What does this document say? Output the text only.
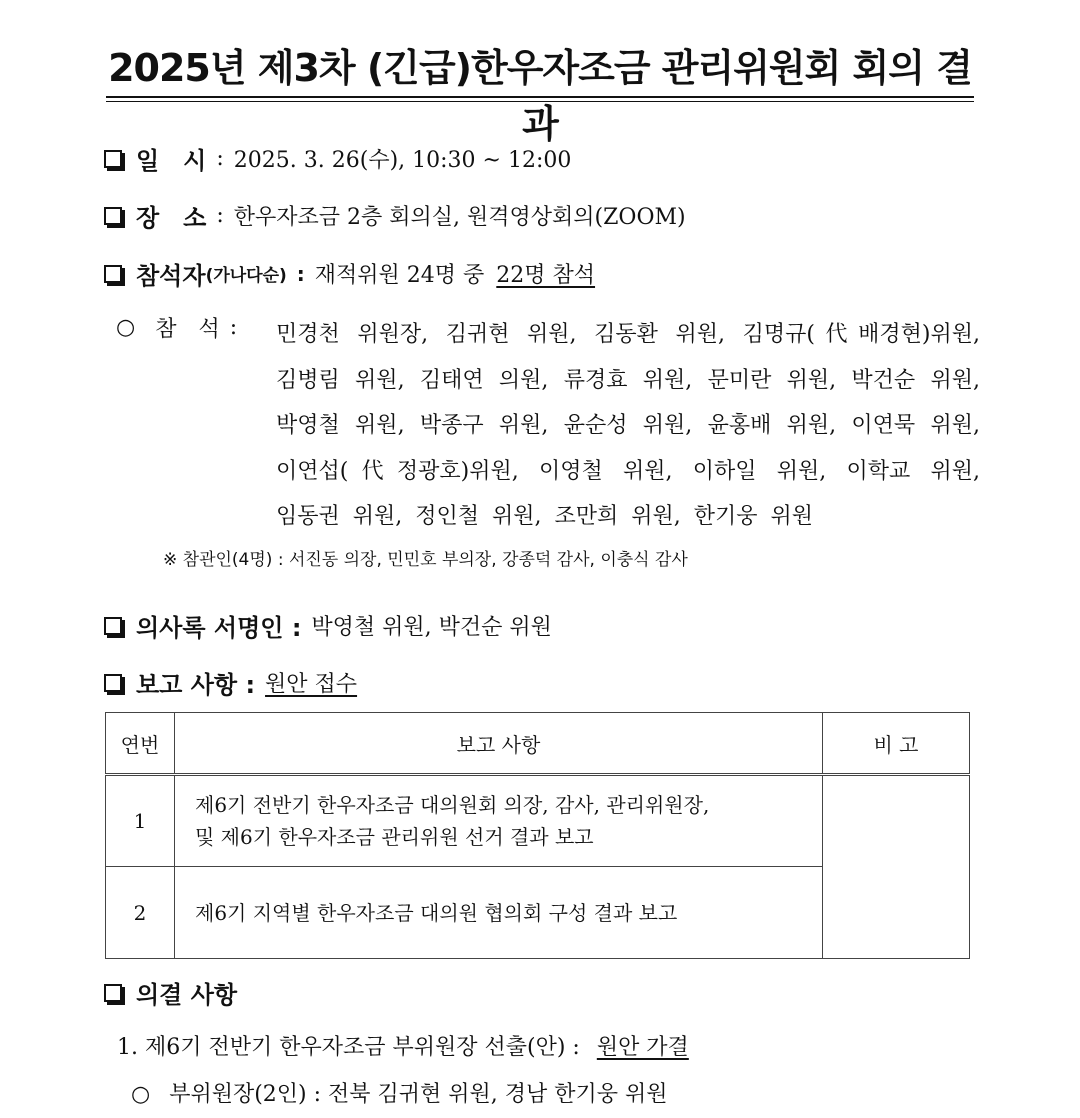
2025년 제3차 (긴급)한우자조금 관리위원회 회의 결과
일　시 : 2025. 3. 26(수), 10:30 ~ 12:00
장　소 : 한우자조금 2층 회의실, 원격영상회의(ZOOM)
참석자 (가나다순) : 재적위원 24명 중 22명 참석
○ 참　석 : 민경천 위원장, 김귀현 위원, 김동환 위원, 김명규(代배경현)위원,
김병림 위원, 김태연 의원, 류경효 위원, 문미란 위원, 박건순 위원,
박영철 위원, 박종구 위원, 윤순성 위원, 윤홍배 위원, 이연묵 위원,
이연섭(代정광호)위원, 이영철 위원, 이하일 위원, 이학교 위원,
임동권 위원, 정인철 위원, 조만희 위원, 한기웅 위원
※ 참관인(4명) : 서진동 의장, 민민호 부의장, 강종덕 감사, 이충식 감사
의사록 서명인 : 박영철 위원, 박건순 위원
보고 사항 : 원안 접수
연번	보고 사항	비 고
1	제6기 전반기 한우자조금 대의원회 의장, 감사, 관리위원장,
및 제6기 한우자조금 관리위원 선거 결과 보고	

2	제6기 지역별 한우자조금 대의원 협의회 구성 결과 보고	
의결 사항
1. 제6기 전반기 한우자조금 부위원장 선출(안) : 원안 가결
○ 부위원장(2인) : 전북 김귀현 위원, 경남 한기웅 위원
